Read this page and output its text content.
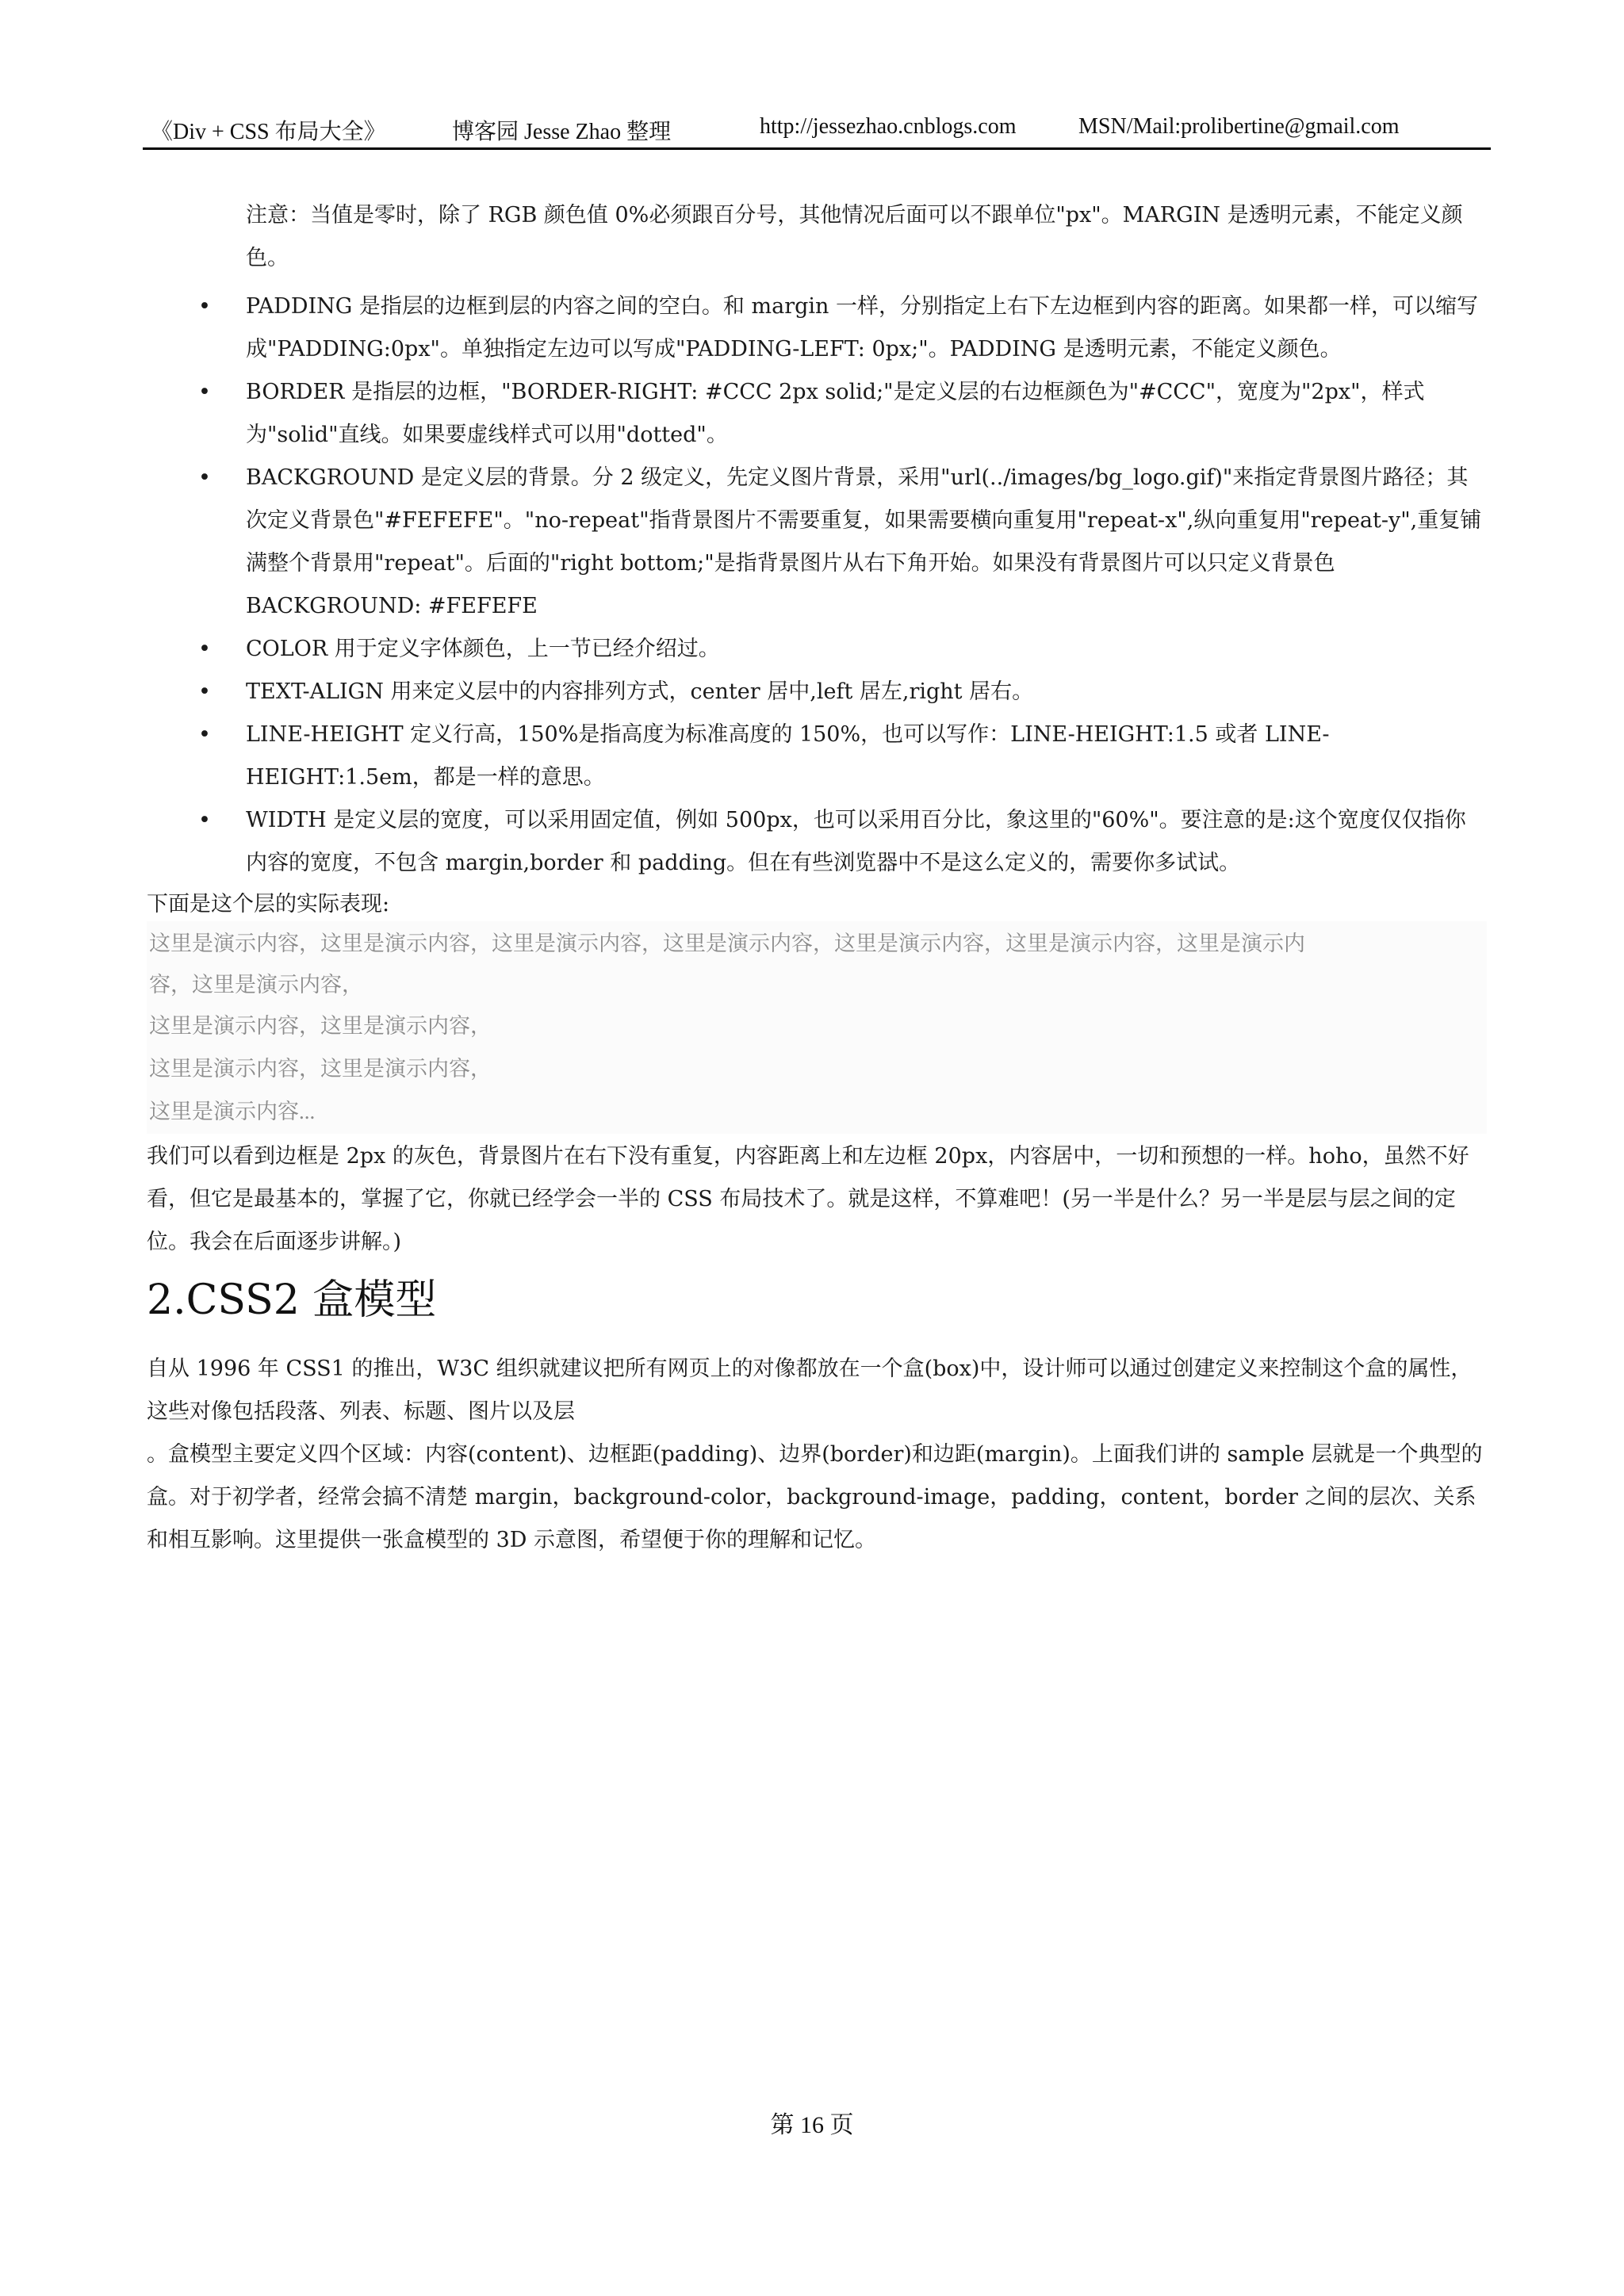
《Div + CSS 布局大全》	博客园 Jesse Zhao 整理	http://jessezhao.cnblogs.com	MSN/Mail:prolibertine@gmail.com
注意：当值是零时，除了 RGB 颜色值 0%必须跟百分号，其他情况后面可以不跟单位"px"。MARGIN 是透明元素，不能定义颜色。
• PADDING 是指层的边框到层的内容之间的空白。和 margin 一样，分别指定上右下左边框到内容的距离。如果都一样，可以缩写成"PADDING:0px"。单独指定左边可以写成"PADDING-LEFT: 0px;"。PADDING 是透明元素，不能定义颜色。
• BORDER 是指层的边框，"BORDER-RIGHT: #CCC 2px solid;"是定义层的右边框颜色为"#CCC"，宽度为"2px"，样式为"solid"直线。如果要虚线样式可以用"dotted"。
• BACKGROUND 是定义层的背景。分 2 级定义，先定义图片背景，采用"url(../images/bg_logo.gif)"来指定背景图片路径；其次定义背景色"#FEFEFE"。"no-repeat"指背景图片不需要重复，如果需要横向重复用"repeat-x",纵向重复用"repeat-y",重复铺满整个背景用"repeat"。后面的"right bottom;"是指背景图片从右下角开始。如果没有背景图片可以只定义背景色 BACKGROUND: #FEFEFE
• COLOR 用于定义字体颜色，上一节已经介绍过。
• TEXT-ALIGN 用来定义层中的内容排列方式，center 居中,left 居左,right 居右。
• LINE-HEIGHT 定义行高，150%是指高度为标准高度的 150%，也可以写作：LINE-HEIGHT:1.5 或者 LINE-HEIGHT:1.5em，都是一样的意思。
• WIDTH 是定义层的宽度，可以采用固定值，例如 500px，也可以采用百分比，象这里的"60%"。要注意的是:这个宽度仅仅指你内容的宽度，不包含 margin,border 和 padding。但在有些浏览器中不是这么定义的，需要你多试试。
下面是这个层的实际表现:
这里是演示内容，这里是演示内容，这里是演示内容，这里是演示内容，这里是演示内容，这里是演示内容，这里是演示内
容，这里是演示内容，
这里是演示内容，这里是演示内容，
这里是演示内容，这里是演示内容，
这里是演示内容...
我们可以看到边框是 2px 的灰色，背景图片在右下没有重复，内容距离上和左边框 20px，内容居中，一切和预想的一样。hoho，虽然不好看，但它是最基本的，掌握了它，你就已经学会一半的 CSS 布局技术了。就是这样，不算难吧！(另一半是什么？另一半是层与层之间的定位。我会在后面逐步讲解。)
2.CSS2 盒模型
自从 1996 年 CSS1 的推出，W3C 组织就建议把所有网页上的对像都放在一个盒(box)中，设计师可以通过创建定义来控制这个盒的属性，这些对像包括段落、列表、标题、图片以及层
。盒模型主要定义四个区域：内容(content)、边框距(padding)、边界(border)和边距(margin)。上面我们讲的 sample 层就是一个典型的盒。对于初学者，经常会搞不清楚 margin，background-color，background-image，padding，content，border 之间的层次、关系和相互影响。这里提供一张盒模型的 3D 示意图，希望便于你的理解和记忆。
第 16 页
